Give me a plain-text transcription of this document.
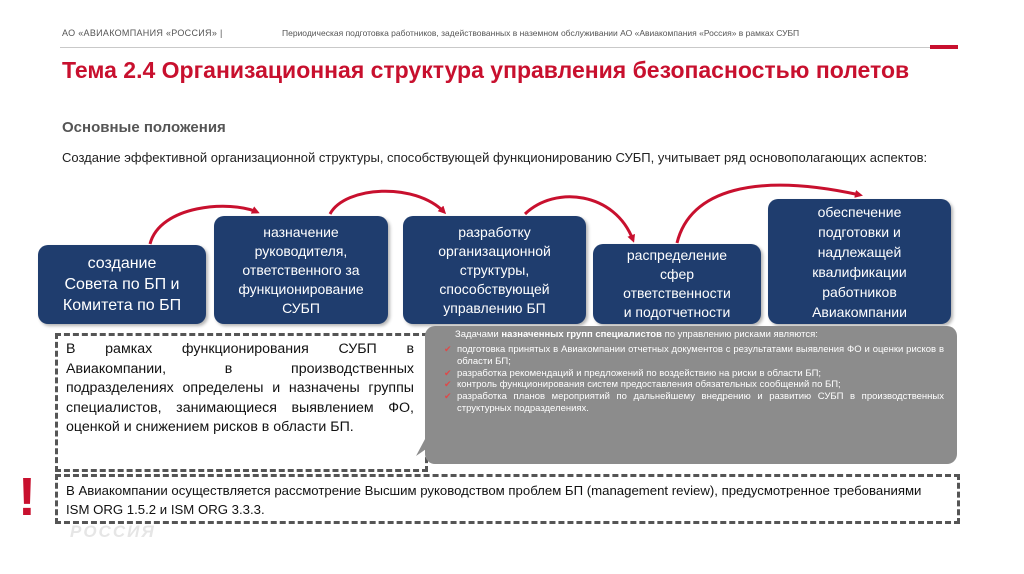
АО «АВИАКОМПАНИЯ «РОССИЯ» |	Периодическая подготовка работников, задействованных в наземном обслуживании АО «Авиакомпания «Россия» в рамках СУБП
Тема 2.4 Организационная структура управления безопасностью полетов
Основные положения
Создание эффективной организационной структуры, способствующей функционированию СУБП, учитывает ряд основополагающих аспектов:
создание
Совета по БП и
Комитета по БП
назначение
руководителя,
ответственного за
функционирование
СУБП
разработку
организационной
структуры,
способствующей
управлению БП
распределение
сфер
ответственности
и подотчетности
обеспечение
подготовки и
надлежащей
квалификации
работников
Авиакомпании
В рамках функционирования СУБП в Авиакомпании, в производственных подразделениях определены и назначены группы специалистов, занимающиеся выявлением ФО, оценкой и снижением рисков в области БП.
Задачами назначенных групп специалистов по управлению рисками являются:
✔ подготовка принятых в Авиакомпании отчетных документов с результатами выявления ФО и оценки рисков в области БП;
✔ разработка рекомендаций и предложений по воздействию на риски в области БП;
✔ контроль функционирования систем предоставления обязательных сообщений по БП;
✔ разработка планов мероприятий по дальнейшему внедрению и развитию СУБП в производственных структурных подразделениях.
! В Авиакомпании осуществляется рассмотрение Высшим руководством проблем БП (management review), предусмотренное требованиями ISM ORG 1.5.2 и ISM ORG 3.3.3.
РОССИЯ
